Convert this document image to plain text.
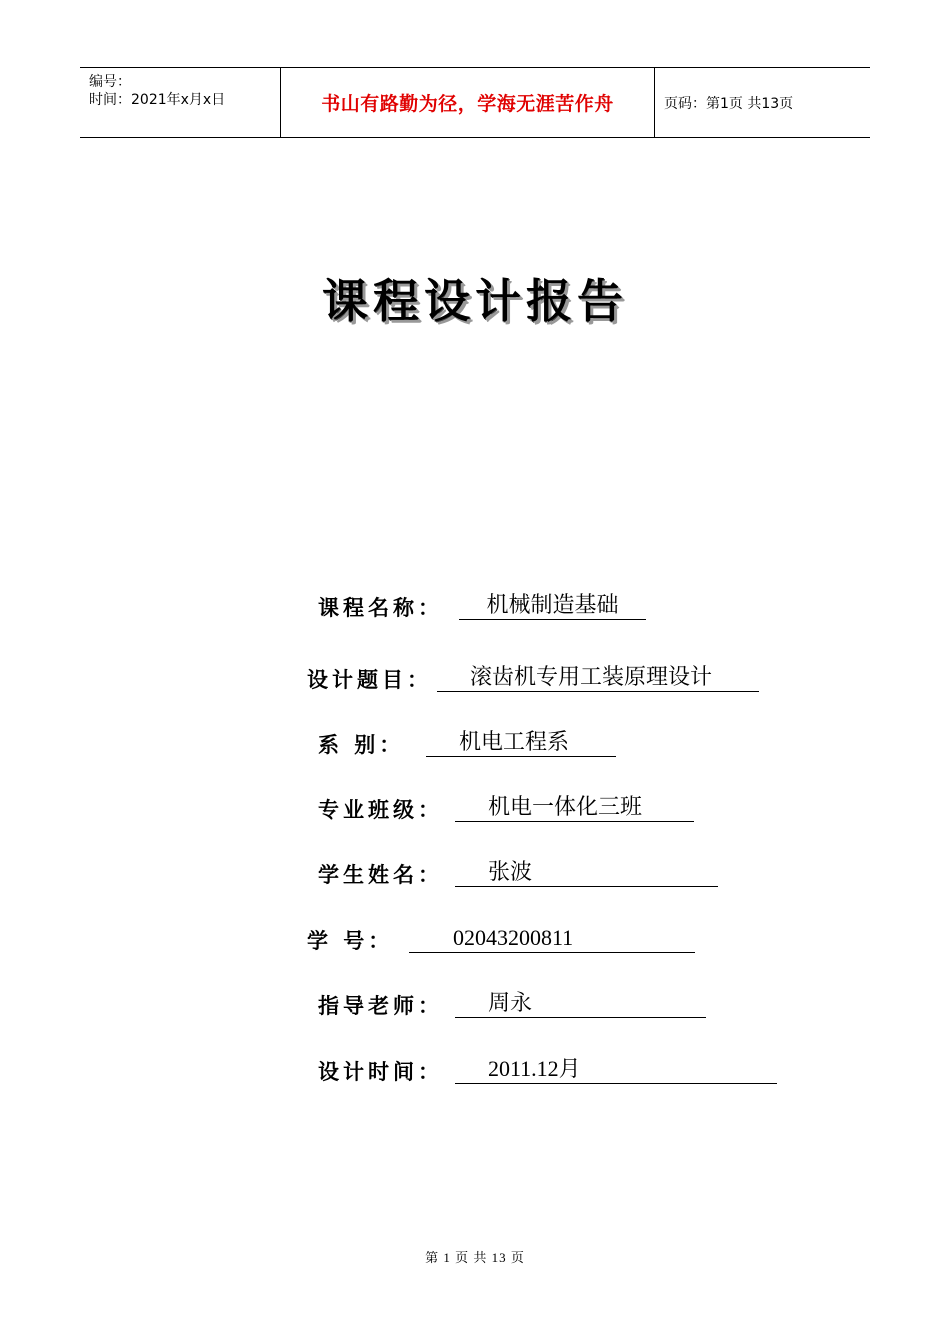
编号：
时间：2021年x月x日	书山有路勤为径，学海无涯苦作舟	页码：第1页 共13页
课程设计报告
课程名称： 机械制造基础
设计题目： 滚齿机专用工装原理设计
系 别： 机电工程系
专业班级： 机电一体化三班
学生姓名： 张波
学 号： 02043200811
指导老师： 周永
设计时间： 2011.12月
第 1 页 共 13 页
